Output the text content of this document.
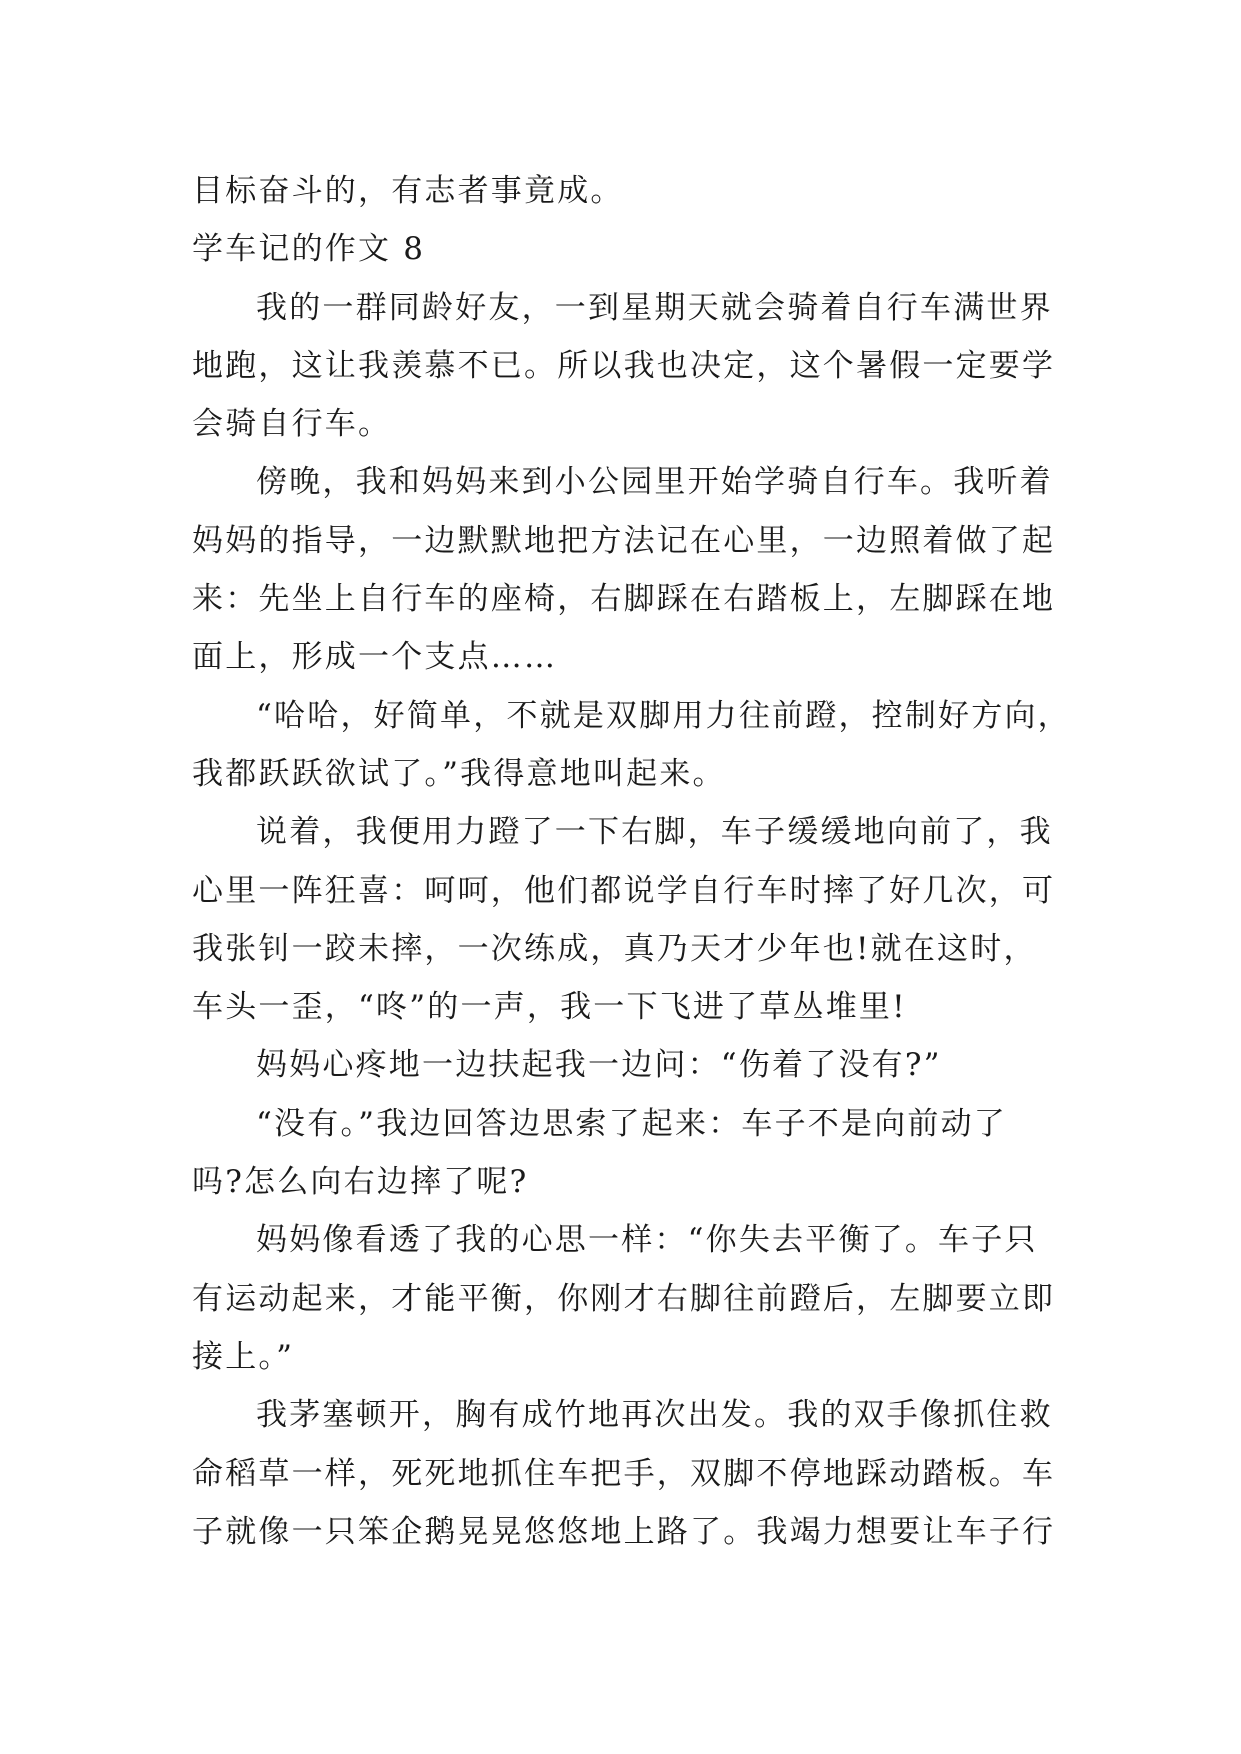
目标奋斗的，有志者事竟成。
学车记的作文 8
我的一群同龄好友，一到星期天就会骑着自行车满世界
地跑，这让我羡慕不已。所以我也决定，这个暑假一定要学
会骑自行车。
傍晚，我和妈妈来到小公园里开始学骑自行车。我听着
妈妈的指导，一边默默地把方法记在心里，一边照着做了起
来：先坐上自行车的座椅，右脚踩在右踏板上，左脚踩在地
面上，形成一个支点……
“哈哈，好简单，不就是双脚用力往前蹬，控制好方向，
我都跃跃欲试了。”我得意地叫起来。
说着，我便用力蹬了一下右脚，车子缓缓地向前了，我
心里一阵狂喜：呵呵，他们都说学自行车时摔了好几次，可
我张钊一跤未摔，一次练成，真乃天才少年也!就在这时，
车头一歪，“咚”的一声，我一下飞进了草丛堆里!
妈妈心疼地一边扶起我一边问：“伤着了没有?”
“没有。”我边回答边思索了起来：车子不是向前动了
吗?怎么向右边摔了呢?
妈妈像看透了我的心思一样：“你失去平衡了。车子只
有运动起来，才能平衡，你刚才右脚往前蹬后，左脚要立即
接上。”
我茅塞顿开，胸有成竹地再次出发。我的双手像抓住救
命稻草一样，死死地抓住车把手，双脚不停地踩动踏板。车
子就像一只笨企鹅晃晃悠悠地上路了。我竭力想要让车子行
